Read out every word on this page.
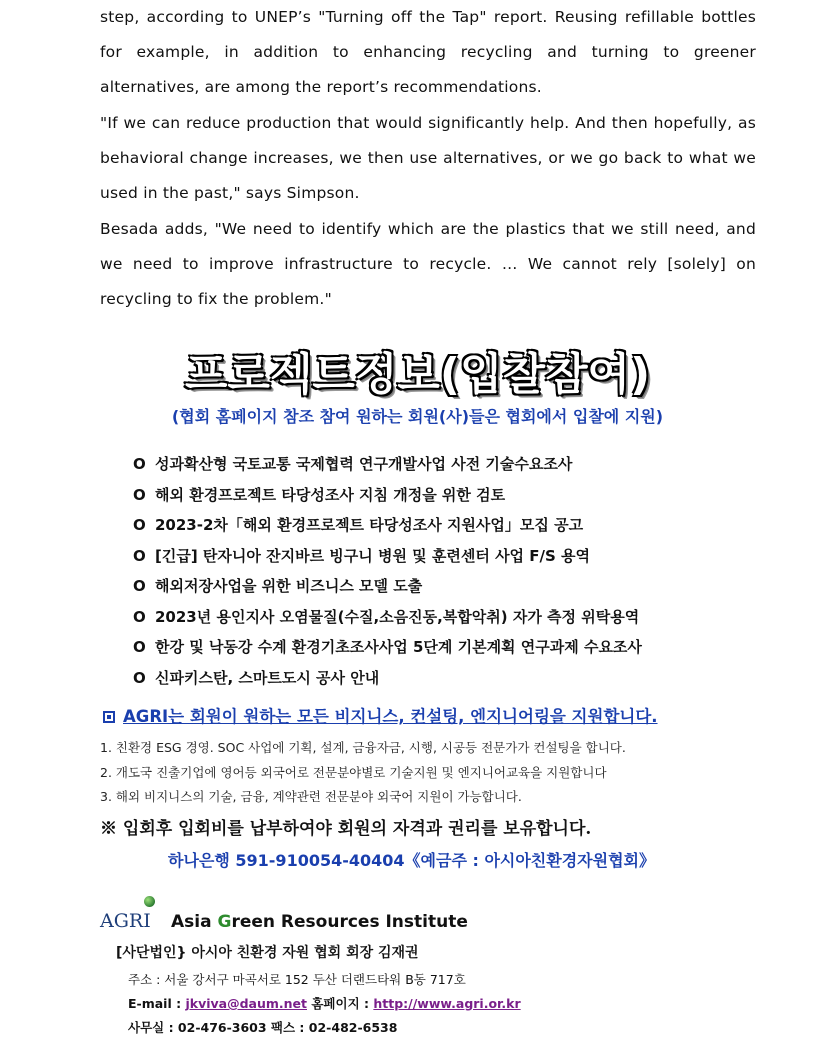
step, according to UNEP’s "Turning off the Tap" report. Reusing refillable bottles for example, in addition to enhancing recycling and turning to greener alternatives, are among the report’s recommendations.

"If we can reduce production that would significantly help. And then hopefully, as behavioral change increases, we then use alternatives, or we go back to what we used in the past," says Simpson.

Besada adds, "We need to identify which are the plastics that we still need, and we need to improve infrastructure to recycle. … We cannot rely [solely] on recycling to fix the problem."

프로젝트정보(입찰참여)
(협회 홈페이지 참조 참여 원하는 회원(사)들은 협회에서 입찰에 지원)
O 성과확산형 국토교통 국제협력 연구개발사업 사전 기술수요조사
O 해외 환경프로젝트 타당성조사 지침 개정을 위한 검토
O 2023-2차「해외 환경프로젝트 타당성조사 지원사업」모집 공고
O [긴급] 탄자니아 잔지바르 빙구니 병원 및 훈련센터 사업 F/S 용역
O 해외저장사업을 위한 비즈니스 모델 도출
O 2023년 용인지사 오염물질(수질,소음진동,복합악취) 자가 측정 위탁용역
O 한강 및 낙동강 수계 환경기초조사사업 5단계 기본계획 연구과제 수요조사
O 신파키스탄, 스마트도시 공사 안내
AGRI는 회원이 원하는 모든 비지니스, 컨설팅, 엔지니어링을 지원합니다.
1. 친환경 ESG 경영. SOC 사업에 기획, 설계, 금융자금, 시행, 시공등 전문가가 컨설팅을 합니다.
2. 개도국 진출기업에 영어등 외국어로 전문분야별로 기술지원 및 엔지니어교육을 지원합니다
3. 해외 비지니스의 기술, 금융, 계약관련 전문분야 외국어 지원이 가능합니다.
※ 입회후 입회비를 납부하여야 회원의 자격과 권리를 보유합니다.
하나은행 591-910054-40404《예금주 : 아시아친환경자원협회》
AGRI Asia Green Resources Institute
[사단법인} 아시아 친환경 자원 협회 회장 김재권
주소 : 서울 강서구 마곡서로 152 두산 더랜드타워 B동 717호
E-mail : jkviva@daum.net 홈페이지 : http://www.agri.or.kr
사무실 : 02-476-3603 팩스 : 02-482-6538
